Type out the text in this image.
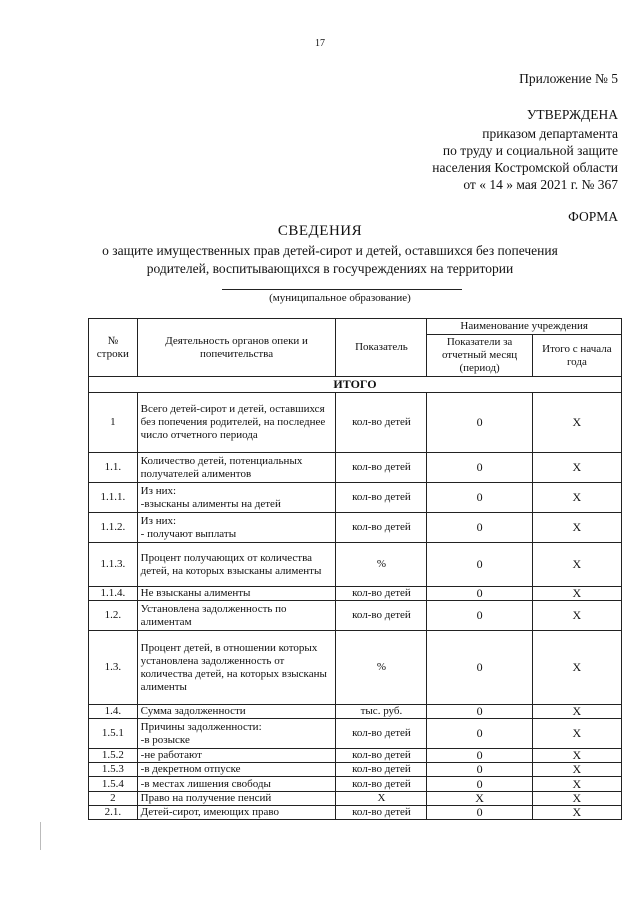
17
Приложение № 5
УТВЕРЖДЕНА
приказом департамента
по труду и социальной защите
населения Костромской области
от « 14 » мая 2021 г. № 367
ФОРМА
СВЕДЕНИЯ
о защите имущественных прав детей-сирот и детей, оставшихся без попечения
родителей, воспитывающихся в госучреждениях на территории
(муниципальное образование)
№ строки	Деятельность органов опеки и попечительства	Показатель	Наименование учреждения	
			Показатели за отчетный месяц (период)	Итого с начала года
ИТОГО				
1	Всего детей-сирот и детей, оставшихся без попечения родителей, на последнее число отчетного периода	кол-во детей	0	Х
1.1.	Количество детей, потенциальных получателей алиментов	кол-во детей	0	Х
1.1.1.	Из них:
-взысканы алименты на детей	кол-во детей	0	Х
1.1.2.	Из них:
- получают выплаты	кол-во детей	0	Х
1.1.3.	Процент получающих от количества детей, на которых взысканы алименты	%	0	Х
1.1.4.	Не взысканы алименты	кол-во детей	0	Х
1.2.	Установлена задолженность по алиментам	кол-во детей	0	Х
1.3.	Процент детей, в отношении которых установлена задолженность от количества детей, на которых взысканы алименты	%	0	Х
1.4.	Сумма задолженности	тыс. руб.	0	Х
1.5.1	Причины задолженности:
-в розыске	кол-во детей	0	Х
1.5.2	-не работают	кол-во детей	0	Х
1.5.3	-в декретном отпуске	кол-во детей	0	Х
1.5.4	-в местах лишения свободы	кол-во детей	0	Х
2	Право на получение пенсий	Х	Х	Х
2.1.	Детей-сирот, имеющих право	кол-во детей	0	Х
